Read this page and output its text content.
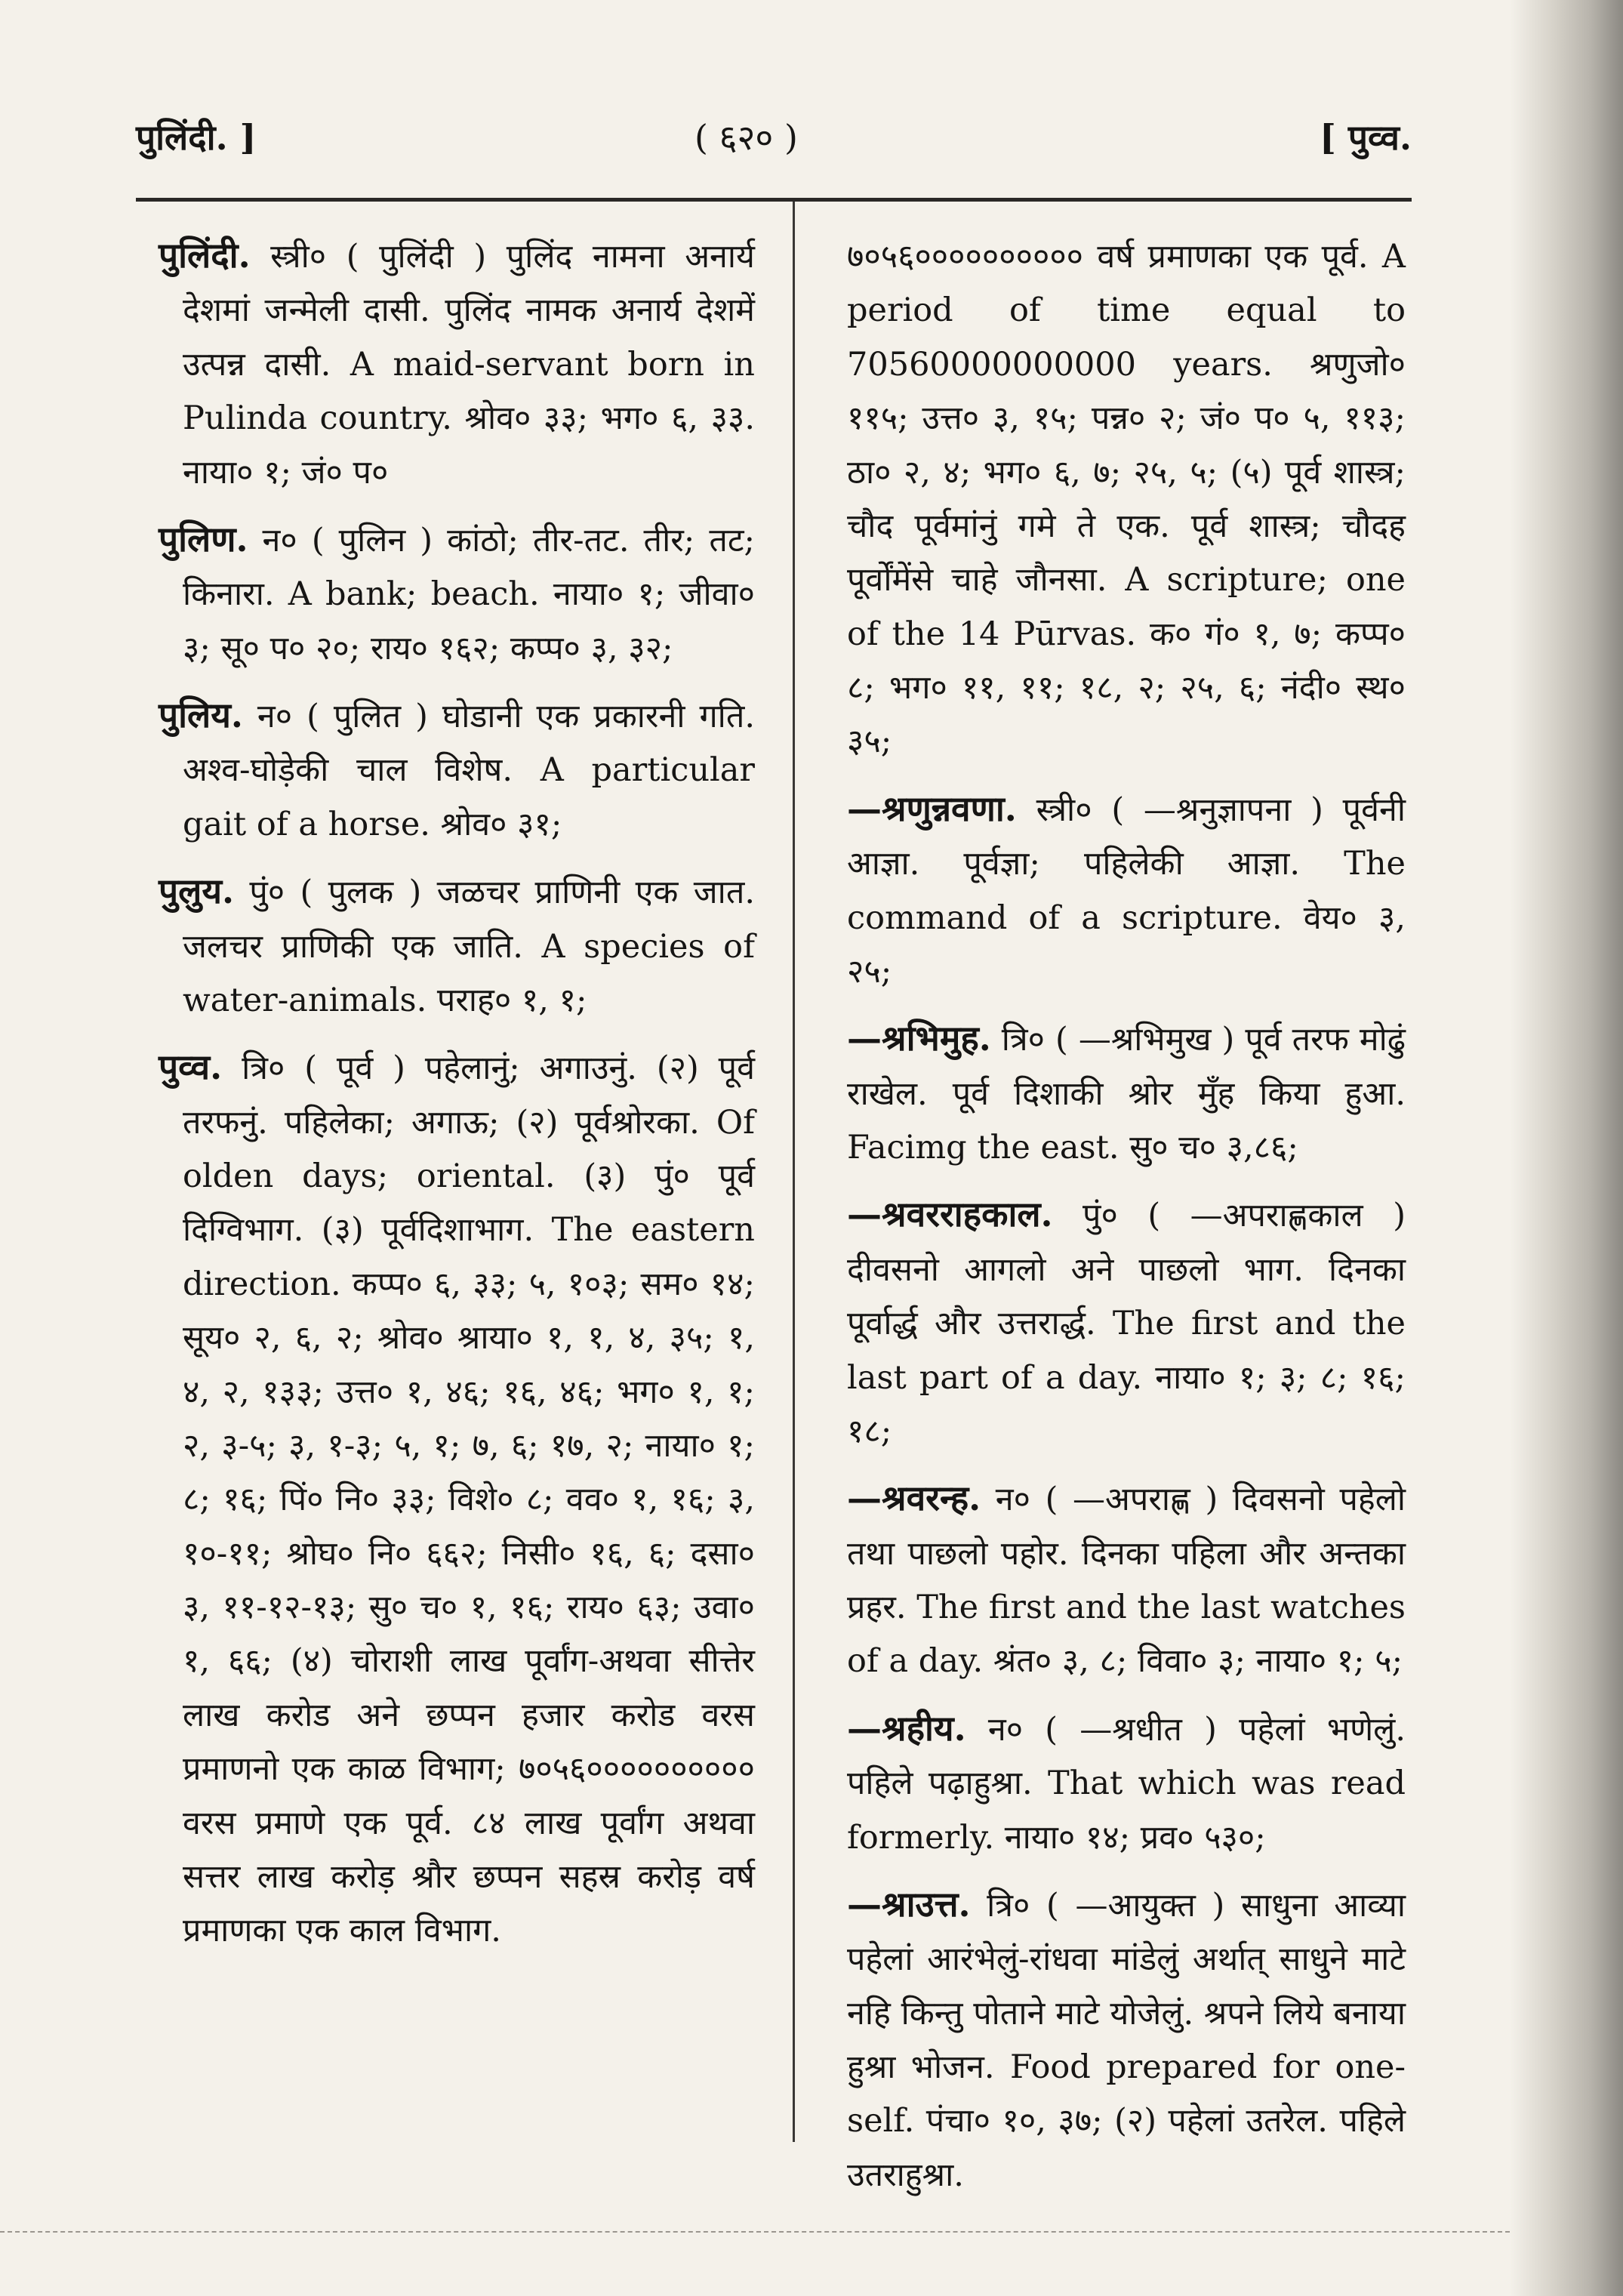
पुलिंदी. ]	( ६२० )	[ पुव्व.

पुलिंदी. स्त्री० ( पुलिंदी ) पुलिंद नामना अनार्य देशमां जन्मेली दासी. पुलिंद नामक अनार्य देशमें उत्पन्न दासी. A maid-servant born in Pulinda country. श्रोव० ३३; भग० ६, ३३. नाया० १; जं० प०

पुलिण. न० ( पुलिन ) कांठो; तीर-तट. तीर; तट; किनारा. A bank; beach. नाया० १; जीवा० ३; सू० प० २०; राय० १६२; कप्प० ३, ३२;

पुलिय. न० ( पुलित ) घोडानी एक प्रकारनी गति. अश्व-घोड़ेकी चाल विशेष. A particular gait of a horse. श्रोव० ३१;

पुलुय. पुं० ( पुलक ) जळचर प्राणिनी एक जात. जलचर प्राणिकी एक जाति. A species of water-animals. पराह० १, १;

पुव्व. त्रि० ( पूर्व ) पहेलानुं; अगाउनुं. (२) पूर्व तरफनुं. पहिलेका; अगाऊ; (२) पूर्वश्रोरका. Of olden days; oriental. (३) पुं० पूर्व दिग्विभाग. (३) पूर्वदिशाभाग. The eastern direction. कप्प० ६, ३३; ५, १०३; सम० १४; सूय० २, ६, २; श्रोव० श्राया० १, १, ४, ३५; १, ४, २, १३३; उत्त० १, ४६; १६, ४६; भग० १, १; २, ३-५; ३, १-३; ५, १; ७, ६; १७, २; नाया० १; ८; १६; पिं० नि० ३३; विशे० ८; वव० १, १६; ३, १०-११; श्रोघ० नि० ६६२; निसी० १६, ६; दसा० ३, ११-१२-१३; सु० च० १, १६; राय० ६३; उवा० १, ६६; (४) चोराशी लाख पूर्वांग-अथवा सीत्तेर लाख करोड अने छप्पन हजार करोड वरस प्रमाणनो एक काळ विभाग; ७०५६०००००००००० वरस प्रमाणे एक पूर्व. ८४ लाख पूर्वांग अथवा सत्तर लाख करोड़ श्रौर छप्पन सहस्र करोड़ वर्ष प्रमाणका एक काल विभाग.

७०५६०००००००००० वर्ष प्रमाणका एक पूर्व. A period of time equal to 70560000000000 years. श्रणुजो० ११५; उत्त० ३, १५; पन्न० २; जं० प० ५, ११३; ठा० २, ४; भग० ६, ७; २५, ५; (५) पूर्व शास्त्र; चौद पूर्वमांनुं गमे ते एक. पूर्व शास्त्र; चौदह पूर्वोंमेंसे चाहे जौनसा. A scripture; one of the 14 Pūrvas. क० गं० १, ७; कप्प० ८; भग० ११, ११; १८, २; २५, ६; नंदी० स्थ० ३५;

—श्रणुन्नवणा. स्त्री० ( —श्रनुज्ञापना ) पूर्वनी आज्ञा. पूर्वज्ञा; पहिलेकी आज्ञा. The command of a scripture. वेय० ३, २५;

—श्रभिमुह. त्रि० ( —श्रभिमुख ) पूर्व तरफ मोढुं राखेल. पूर्व दिशाकी श्रोर मुँह किया हुआ. Facimg the east. सु० च० ३,८६;

—श्रवरराहकाल. पुं० ( —अपराह्णकाल ) दीवसनो आगलो अने पाछलो भाग. दिनका पूर्वार्द्ध और उत्तरार्द्ध. The first and the last part of a day. नाया० १; ३; ८; १६; १८;

—श्रवरन्ह. न० ( —अपराह्ण ) दिवसनो पहेलो तथा पाछलो पहोर. दिनका पहिला और अन्तका प्रहर. The first and the last watches of a day. श्रंत० ३, ८; विवा० ३; नाया० १; ५;

—श्रहीय. न० ( —श्रधीत ) पहेलां भणेलुं. पहिले पढ़ाहुश्रा. That which was read formerly. नाया० १४; प्रव० ५३०;

—श्राउत्त. त्रि० ( —आयुक्त ) साधुना आव्या पहेलां आरंभेलुं-रांधवा मांडेलुं अर्थात् साधुने माटे नहि किन्तु पोताने माटे योजेलुं. श्रपने लिये बनाया हुश्रा भोजन. Food prepared for one-self. पंचा० १०, ३७; (२) पहेलां उतरेल. पहिले उतराहुश्रा.
